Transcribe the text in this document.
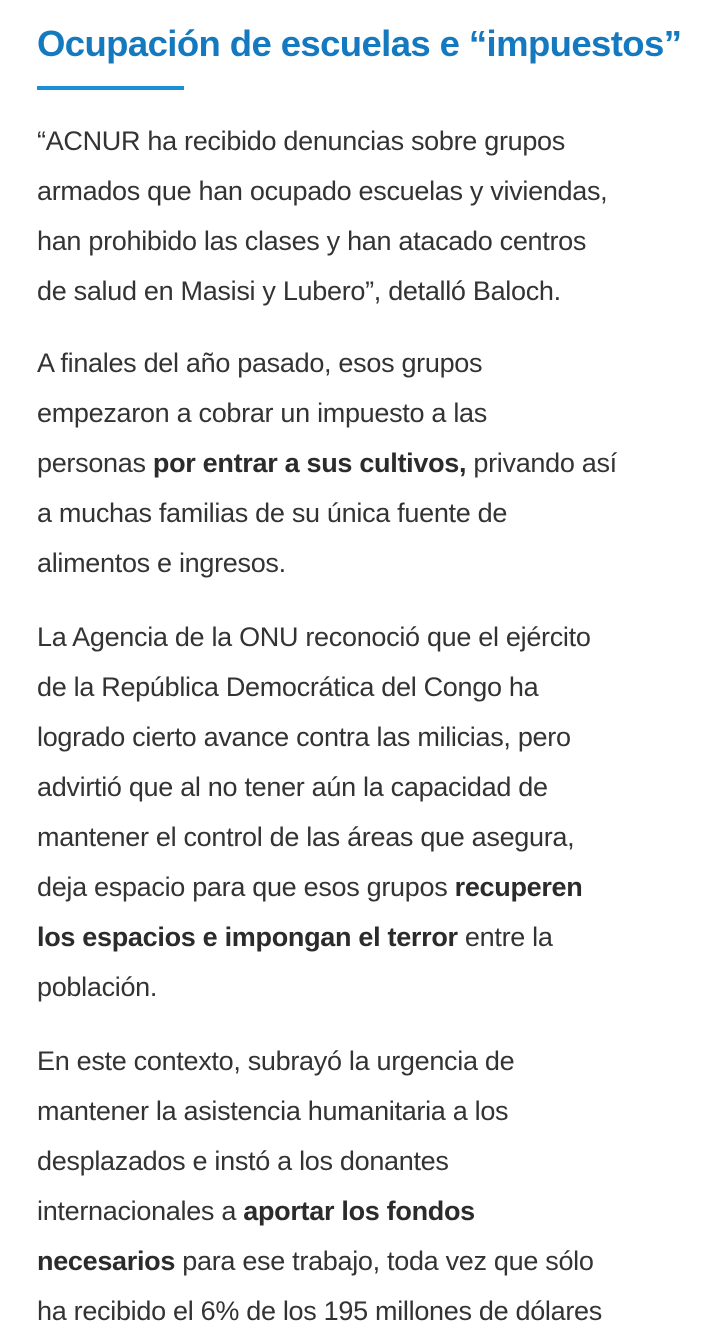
Ocupación de escuelas e “impuestos”

“ACNUR ha recibido denuncias sobre grupos
armados que han ocupado escuelas y viviendas,
han prohibido las clases y han atacado centros
de salud en Masisi y Lubero”, detalló Baloch.

A finales del año pasado, esos grupos
empezaron a cobrar un impuesto a las
personas por entrar a sus cultivos, privando así
a muchas familias de su única fuente de
alimentos e ingresos.

La Agencia de la ONU reconoció que el ejército
de la República Democrática del Congo ha
logrado cierto avance contra las milicias, pero
advirtió que al no tener aún la capacidad de
mantener el control de las áreas que asegura,
deja espacio para que esos grupos recuperen
los espacios e impongan el terror entre la
población.

En este contexto, subrayó la urgencia de
mantener la asistencia humanitaria a los
desplazados e instó a los donantes
internacionales a aportar los fondos
necesarios para ese trabajo, toda vez que sólo
ha recibido el 6% de los 195 millones de dólares
